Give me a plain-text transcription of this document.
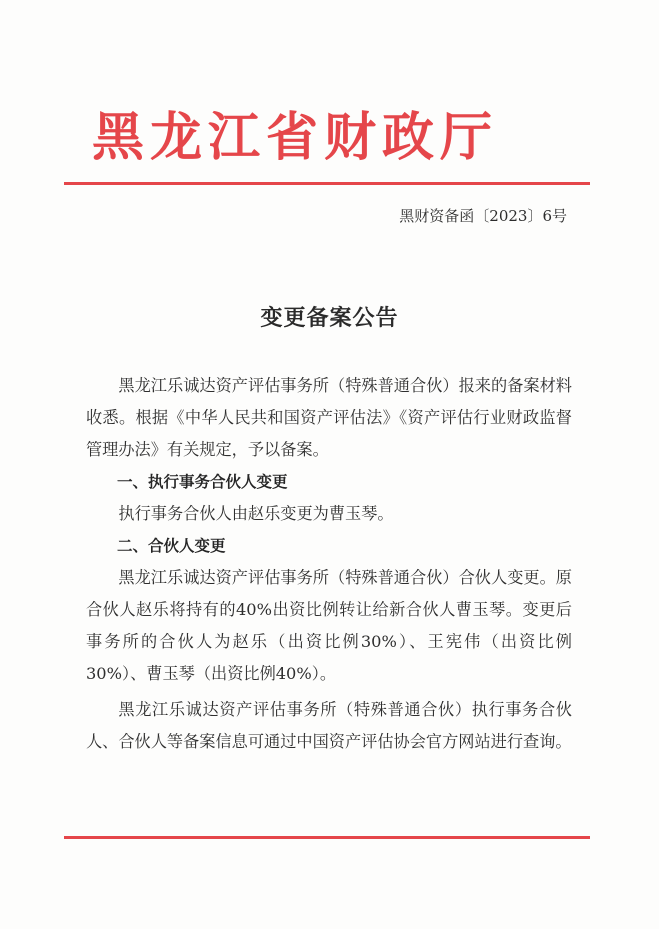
黑龙江省财政厅
黑财资备函〔2023〕6号
变更备案公告

黑龙江乐诚达资产评估事务所（特殊普通合伙）报来的备案材料收悉。根据《中华人民共和国资产评估法》《资产评估行业财政监督管理办法》有关规定，予以备案。

一、执行事务合伙人变更

执行事务合伙人由赵乐变更为曹玉琴。

二、合伙人变更

黑龙江乐诚达资产评估事务所（特殊普通合伙）合伙人变更。原合伙人赵乐将持有的40%出资比例转让给新合伙人曹玉琴。变更后事务所的合伙人为赵乐（出资比例30%）、王宪伟（出资比例30%）、曹玉琴（出资比例40%）。

黑龙江乐诚达资产评估事务所（特殊普通合伙）执行事务合伙人、合伙人等备案信息可通过中国资产评估协会官方网站进行查询。
